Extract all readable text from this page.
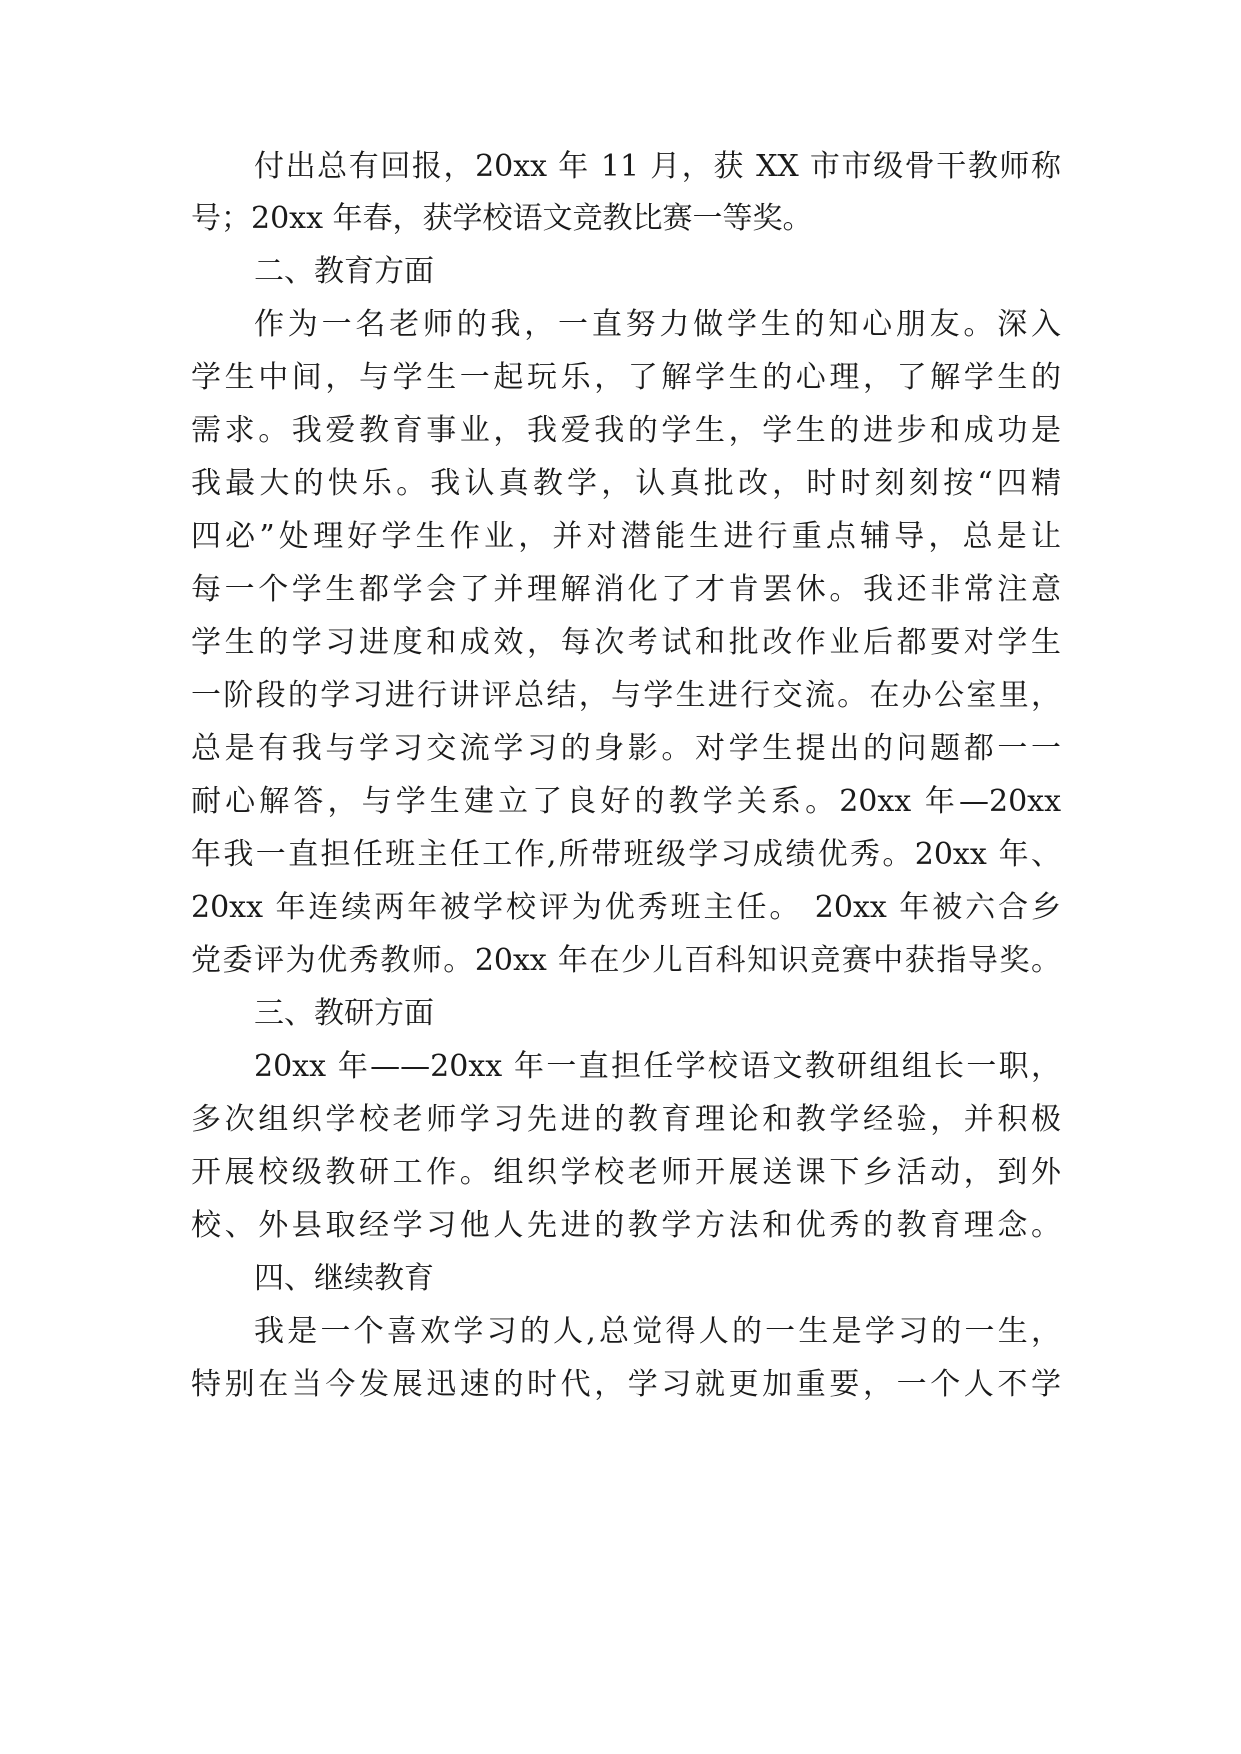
付出总有回报，20xx 年 11 月，获 XX 市市级骨干教师称
号；20xx 年春，获学校语文竞教比赛一等奖。
二、教育方面
作为一名老师的我，一直努力做学生的知心朋友。深入
学生中间，与学生一起玩乐，了解学生的心理，了解学生的
需求。我爱教育事业，我爱我的学生，学生的进步和成功是
我最大的快乐。我认真教学，认真批改，时时刻刻按“四精
四必”处理好学生作业，并对潜能生进行重点辅导，总是让
每一个学生都学会了并理解消化了才肯罢休。我还非常注意
学生的学习进度和成效，每次考试和批改作业后都要对学生
一阶段的学习进行讲评总结，与学生进行交流。在办公室里，
总是有我与学习交流学习的身影。对学生提出的问题都一一
耐心解答，与学生建立了良好的教学关系。20xx 年—20xx
年我一直担任班主任工作,所带班级学习成绩优秀。20xx 年、
20xx 年连续两年被学校评为优秀班主任。 20xx 年被六合乡
党委评为优秀教师。20xx 年在少儿百科知识竞赛中获指导奖。
三、教研方面
20xx 年——20xx 年一直担任学校语文教研组组长一职，
多次组织学校老师学习先进的教育理论和教学经验，并积极
开展校级教研工作。组织学校老师开展送课下乡活动，到外
校、外县取经学习他人先进的教学方法和优秀的教育理念。
四、继续教育
我是一个喜欢学习的人,总觉得人的一生是学习的一生，
特别在当今发展迅速的时代，学习就更加重要，一个人不学
